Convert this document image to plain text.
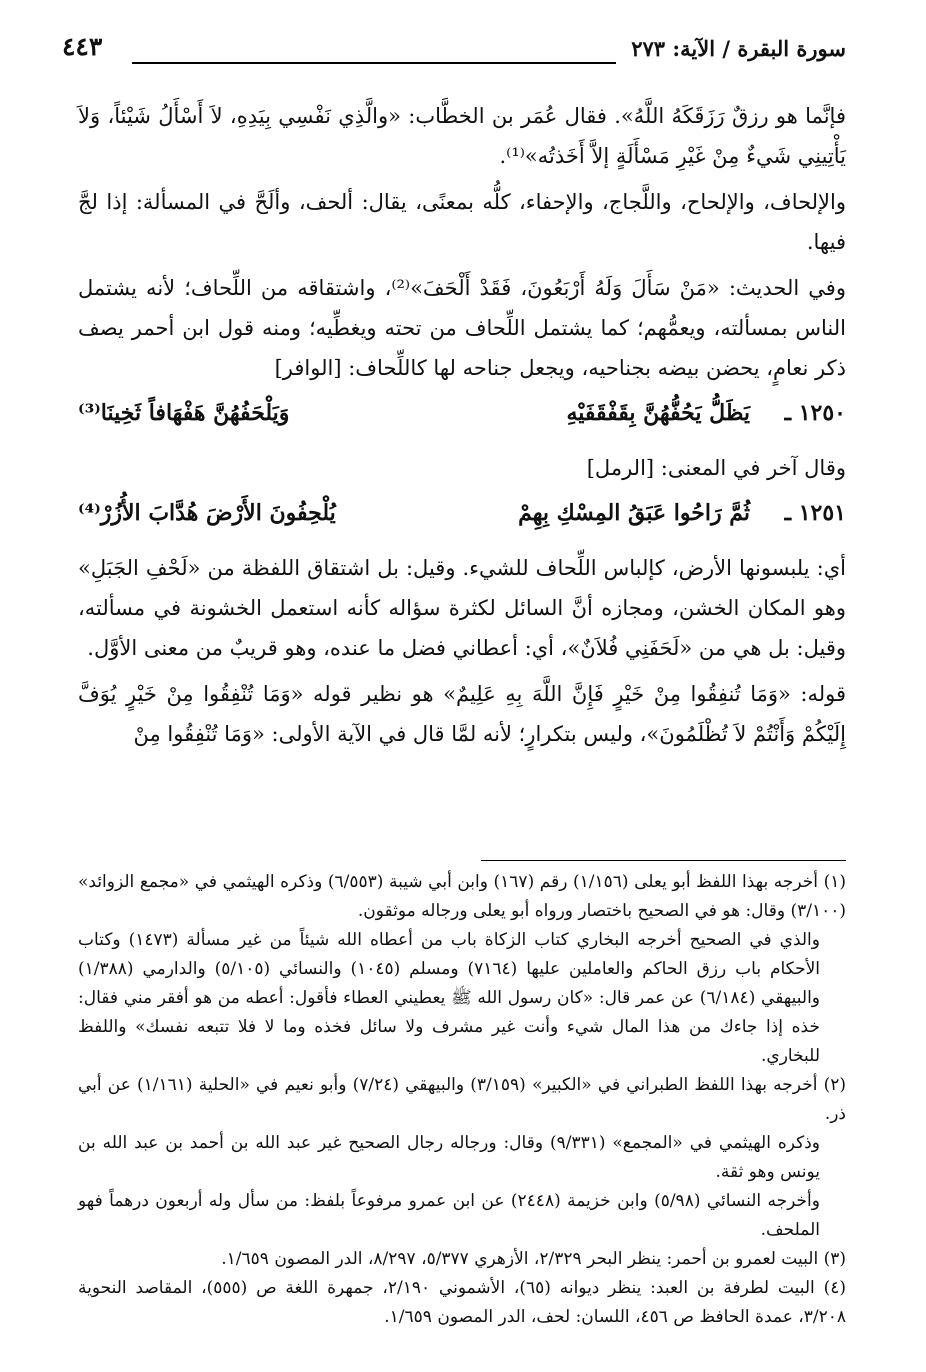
سورة البقرة / الآية: ٢٧٣
٤٤٣

فإنَّما هو رزقٌ رَزَقَكَهُ اللَّهُ». فقال عُمَر بن الخطَّاب: «والَّذِي نَفْسِي بِيَدِهِ، لاَ أَسْأَلُ شَيْئاً، وَلاَ يَأْتِينِي شَيءٌ مِنْ غَيْرِ مَسْأَلَةٍ إلاَّ أَخَذتُه»⁽¹⁾.

والإلحاف، والإلحاح، واللَّجاج، والإحفاء، كلُّه بمعنًى، يقال: ألحف، وألَحَّ في المسألة: إذا لجَّ فيها.

وفي الحديث: «مَنْ سَأَلَ وَلَهُ أَرْبَعُونَ، فَقَدْ أَلْحَفَ»⁽²⁾، واشتقاقه من اللِّحاف؛ لأنه يشتمل الناس بمسألته، ويعمُّهم؛ كما يشتمل اللِّحاف من تحته ويغطِّيه؛ ومنه قول ابن أحمر يصف ذكر نعامٍ، يحضن بيضه بجناحيه، ويجعل جناحه لها كاللِّحاف: [الوافر]

١٢٥٠ ـ
يَظَلُّ يَحُفُّهُنَّ بِقَفْقَفَيْهِ
وَيَلْحَفُهُنَّ هَفْهَافاً ثَخِينَا⁽³⁾

وقال آخر في المعنى: [الرمل]

١٢٥١ ـ
ثُمَّ رَاحُوا عَبَقُ المِسْكِ بِهِمْ
يُلْحِفُونَ الأَرْضَ هُدَّابَ الأُزُرْ⁽⁴⁾

أي: يلبسونها الأرض، كإلباس اللِّحاف للشيء. وقيل: بل اشتقاق اللفظة من «لَحْفِ الجَبَلِ» وهو المكان الخشن، ومجازه أنَّ السائل لكثرة سؤاله كأنه استعمل الخشونة في مسألته، وقيل: بل هي من «لَحَفَنِي فُلاَنٌ»، أي: أعطاني فضل ما عنده، وهو قريبٌ من معنى الأوَّل.

قوله: «وَمَا تُنفِقُوا مِنْ خَيْرٍ فَإِنَّ اللَّهَ بِهِ عَلِيمٌ» هو نظير قوله «وَمَا تُنْفِقُوا مِنْ خَيْرٍ يُوَفَّ إِلَيْكُمْ وَأَنْتُمْ لاَ تُظْلَمُونَ»، وليس بتكرارٍ؛ لأنه لمَّا قال في الآية الأولى: «وَمَا تُنْفِقُوا مِنْ

(١) أخرجه بهذا اللفظ أبو يعلى (١/١٥٦) رقم (١٦٧) وابن أبي شيبة (٦/٥٥٣) وذكره الهيثمي في «مجمع الزوائد» (٣/١٠٠) وقال: هو في الصحيح باختصار ورواه أبو يعلى ورجاله موثقون.

والذي في الصحيح أخرجه البخاري كتاب الزكاة باب من أعطاه الله شيئاً من غير مسألة (١٤٧٣) وكتاب الأحكام باب رزق الحاكم والعاملين عليها (٧١٦٤) ومسلم (١٠٤٥) والنسائي (٥/١٠٥) والدارمي (١/٣٨٨) والبيهقي (٦/١٨٤) عن عمر قال: «كان رسول الله ﷺ يعطيني العطاء فأقول: أعطه من هو أفقر مني فقال: خذه إذا جاءك من هذا المال شيء وأنت غير مشرف ولا سائل فخذه وما لا فلا تتبعه نفسك» واللفظ للبخاري.

(٢) أخرجه بهذا اللفظ الطبراني في «الكبير» (٣/١٥٩) والبيهقي (٧/٢٤) وأبو نعيم في «الحلية (١/١٦١) عن أبي ذر.

وذكره الهيثمي في «المجمع» (٩/٣٣١) وقال: ورجاله رجال الصحيح غير عبد الله بن أحمد بن عبد الله بن يونس وهو ثقة.

وأخرجه النسائي (٥/٩٨) وابن خزيمة (٢٤٤٨) عن ابن عمرو مرفوعاً بلفظ: من سأل وله أربعون درهماً فهو الملحف.

(٣) البيت لعمرو بن أحمر: ينظر البحر ٢/٣٢٩، الأزهري ٥/٣٧٧، ٨/٢٩٧، الدر المصون ١/٦٥٩.

(٤) البيت لطرفة بن العبد: ينظر ديوانه (٦٥)، الأشموني ٢/١٩٠، جمهرة اللغة ص (٥٥٥)، المقاصد النحوية ٣/٢٠٨، عمدة الحافظ ص ٤٥٦، اللسان: لحف، الدر المصون ١/٦٥٩.
